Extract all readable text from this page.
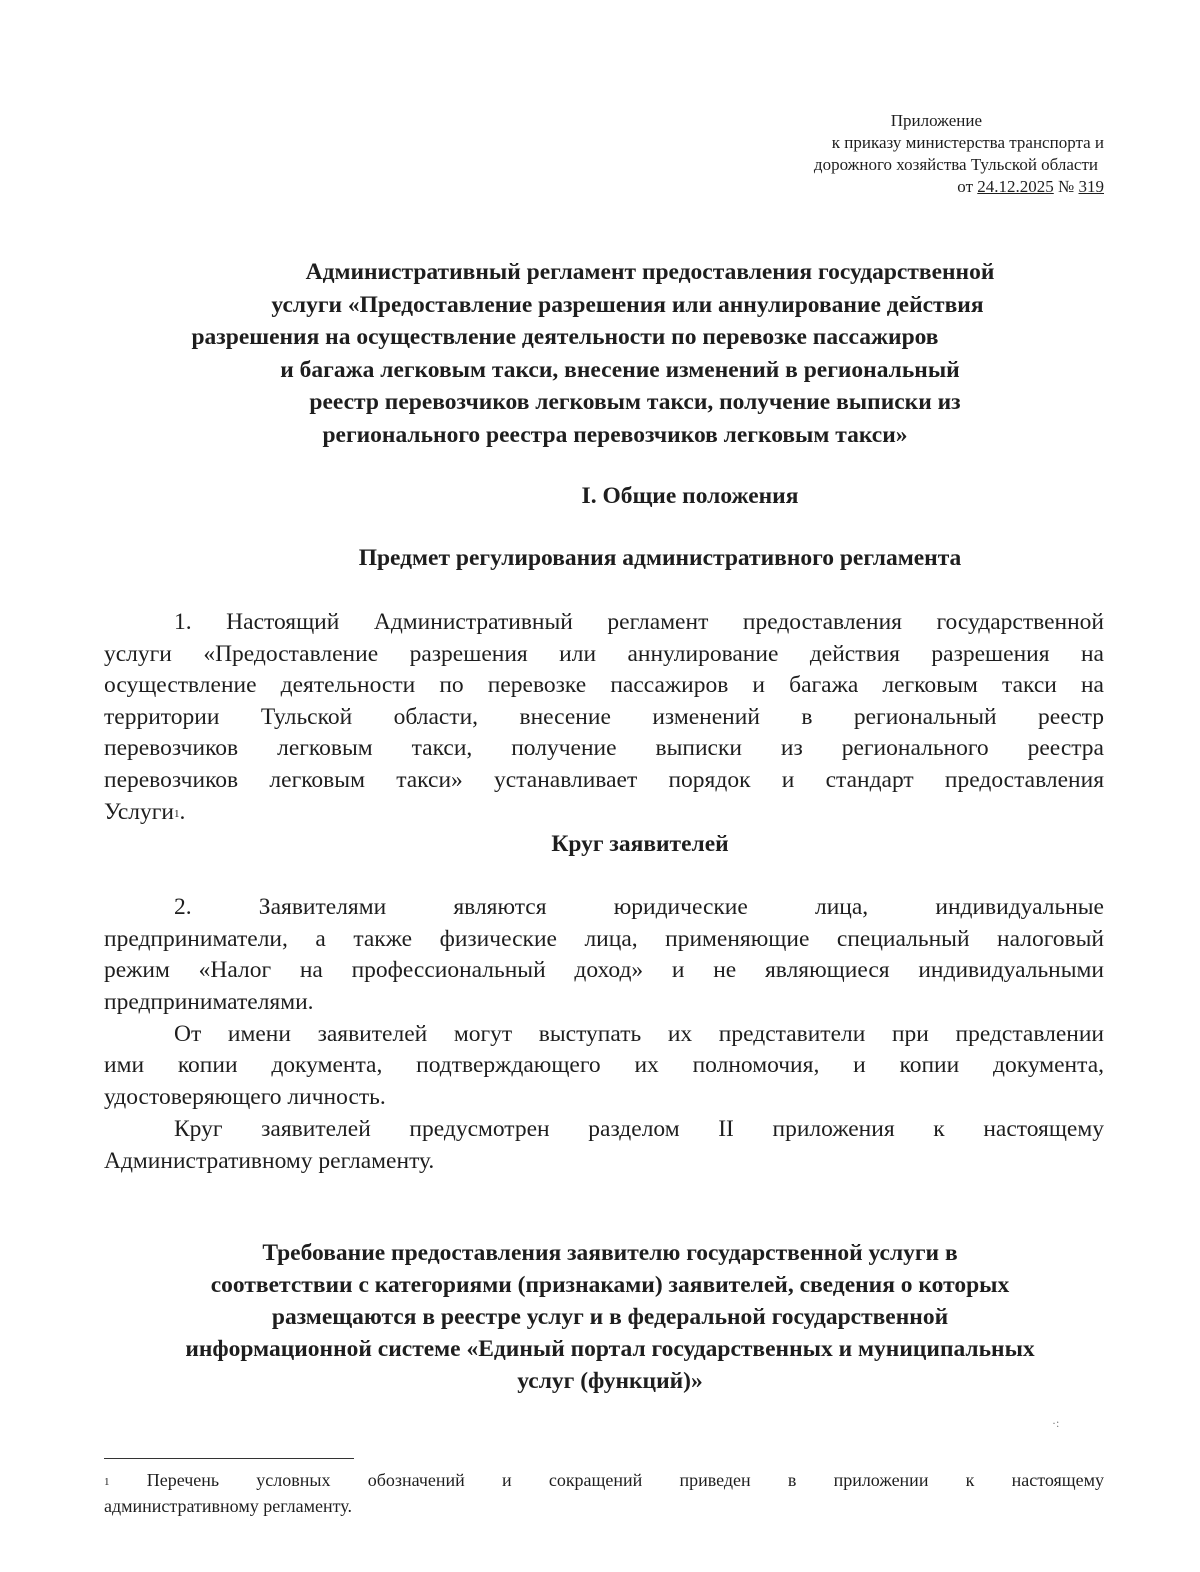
Приложение
к приказу министерства транспорта и
дорожного хозяйства Тульской области
от 24.12.2025 № 319
Административный регламент предоставления государственной
услуги «Предоставление разрешения или аннулирование действия
разрешения на осуществление деятельности по перевозке пассажиров
и багажа легковым такси, внесение изменений в региональный
реестр перевозчиков легковым такси, получение выписки из
регионального реестра перевозчиков легковым такси»
I. Общие положения
Предмет регулирования административного регламента
1. Настоящий Административный регламент предоставления государственной
услуги «Предоставление разрешения или аннулирование действия разрешения на
осуществление деятельности по перевозке пассажиров и багажа легковым такси на
территории Тульской области, внесение изменений в региональный реестр
перевозчиков легковым такси, получение выписки из регионального реестра
перевозчиков легковым такси» устанавливает порядок и стандарт предоставления
Услуги$^1$.
Круг заявителей
2. Заявителями являются юридические лица, индивидуальные
предприниматели, а также физические лица, применяющие специальный налоговый
режим «Налог на профессиональный доход» и не являющиеся индивидуальными
предпринимателями.
От имени заявителей могут выступать их представители при представлении
ими копии документа, подтверждающего их полномочия, и копии документа,
удостоверяющего личность.
Круг заявителей предусмотрен разделом II приложения к настоящему
Административному регламенту.
Требование предоставления заявителю государственной услуги в
соответствии с категориями (признаками) заявителей, сведения о которых
размещаются в реестре услуг и в федеральной государственной
информационной системе «Единый портал государственных и муниципальных
услуг (функций)»
·:
$^1$ Перечень условных обозначений и сокращений приведен в приложении к настоящему
административному регламенту.
